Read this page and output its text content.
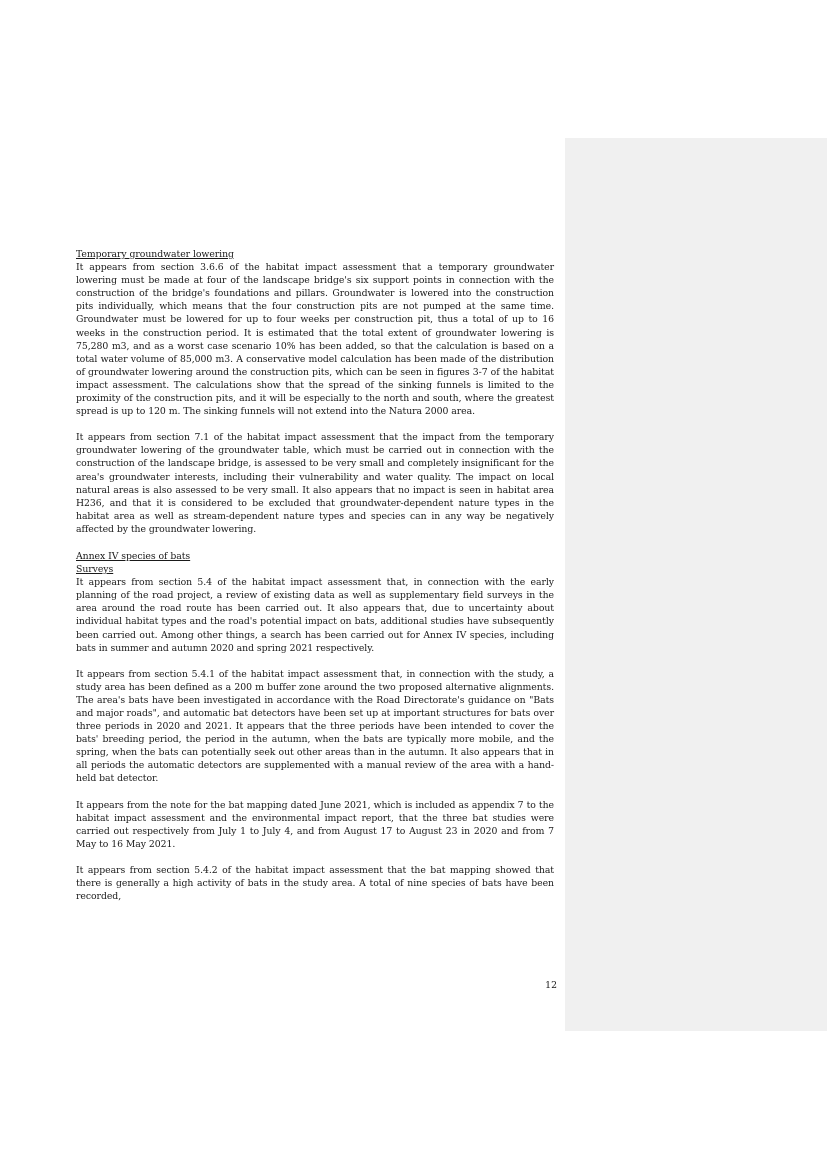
Temporary groundwater lowering

It appears from section 3.6.6 of the habitat impact assessment that a temporary groundwater lowering must be made at four of the landscape bridge's six support points in connection with the construction of the bridge's foundations and pillars. Groundwater is lowered into the construction pits individually, which means that the four construction pits are not pumped at the same time. Groundwater must be lowered for up to four weeks per construction pit, thus a total of up to 16 weeks in the construction period. It is estimated that the total extent of groundwater lowering is 75,280 m3, and as a worst case scenario 10% has been added, so that the calculation is based on a total water volume of 85,000 m3. A conservative model calculation has been made of the distribution of groundwater lowering around the construction pits, which can be seen in figures 3-7 of the habitat impact assessment. The calculations show that the spread of the sinking funnels is limited to the proximity of the construction pits, and it will be especially to the north and south, where the greatest spread is up to 120 m. The sinking funnels will not extend into the Natura 2000 area.

It appears from section 7.1 of the habitat impact assessment that the impact from the temporary groundwater lowering of the groundwater table, which must be carried out in connection with the construction of the landscape bridge, is assessed to be very small and completely insignificant for the area's groundwater interests, including their vulnerability and water quality. The impact on local natural areas is also assessed to be very small. It also appears that no impact is seen in habitat area H236, and that it is considered to be excluded that groundwater-dependent nature types in the habitat area as well as stream-dependent nature types and species can in any way be negatively affected by the groundwater lowering.

Annex IV species of bats

Surveys

It appears from section 5.4 of the habitat impact assessment that, in connection with the early planning of the road project, a review of existing data as well as supplementary field surveys in the area around the road route has been carried out. It also appears that, due to uncertainty about individual habitat types and the road's potential impact on bats, additional studies have subsequently been carried out. Among other things, a search has been carried out for Annex IV species, including bats in summer and autumn 2020 and spring 2021 respectively.

It appears from section 5.4.1 of the habitat impact assessment that, in connection with the study, a study area has been defined as a 200 m buffer zone around the two proposed alternative alignments. The area's bats have been investigated in accordance with the Road Directorate's guidance on "Bats and major roads", and automatic bat detectors have been set up at important structures for bats over three periods in 2020 and 2021. It appears that the three periods have been intended to cover the bats' breeding period, the period in the autumn, when the bats are typically more mobile, and the spring, when the bats can potentially seek out other areas than in the autumn. It also appears that in all periods the automatic detectors are supplemented with a manual review of the area with a hand-held bat detector.

It appears from the note for the bat mapping dated June 2021, which is included as appendix 7 to the habitat impact assessment and the environmental impact report, that the three bat studies were carried out respectively from July 1 to July 4, and from August 17 to August 23 in 2020 and from 7 May to 16 May 2021.

It appears from section 5.4.2 of the habitat impact assessment that the bat mapping showed that there is generally a high activity of bats in the study area. A total of nine species of bats have been recorded,

12
